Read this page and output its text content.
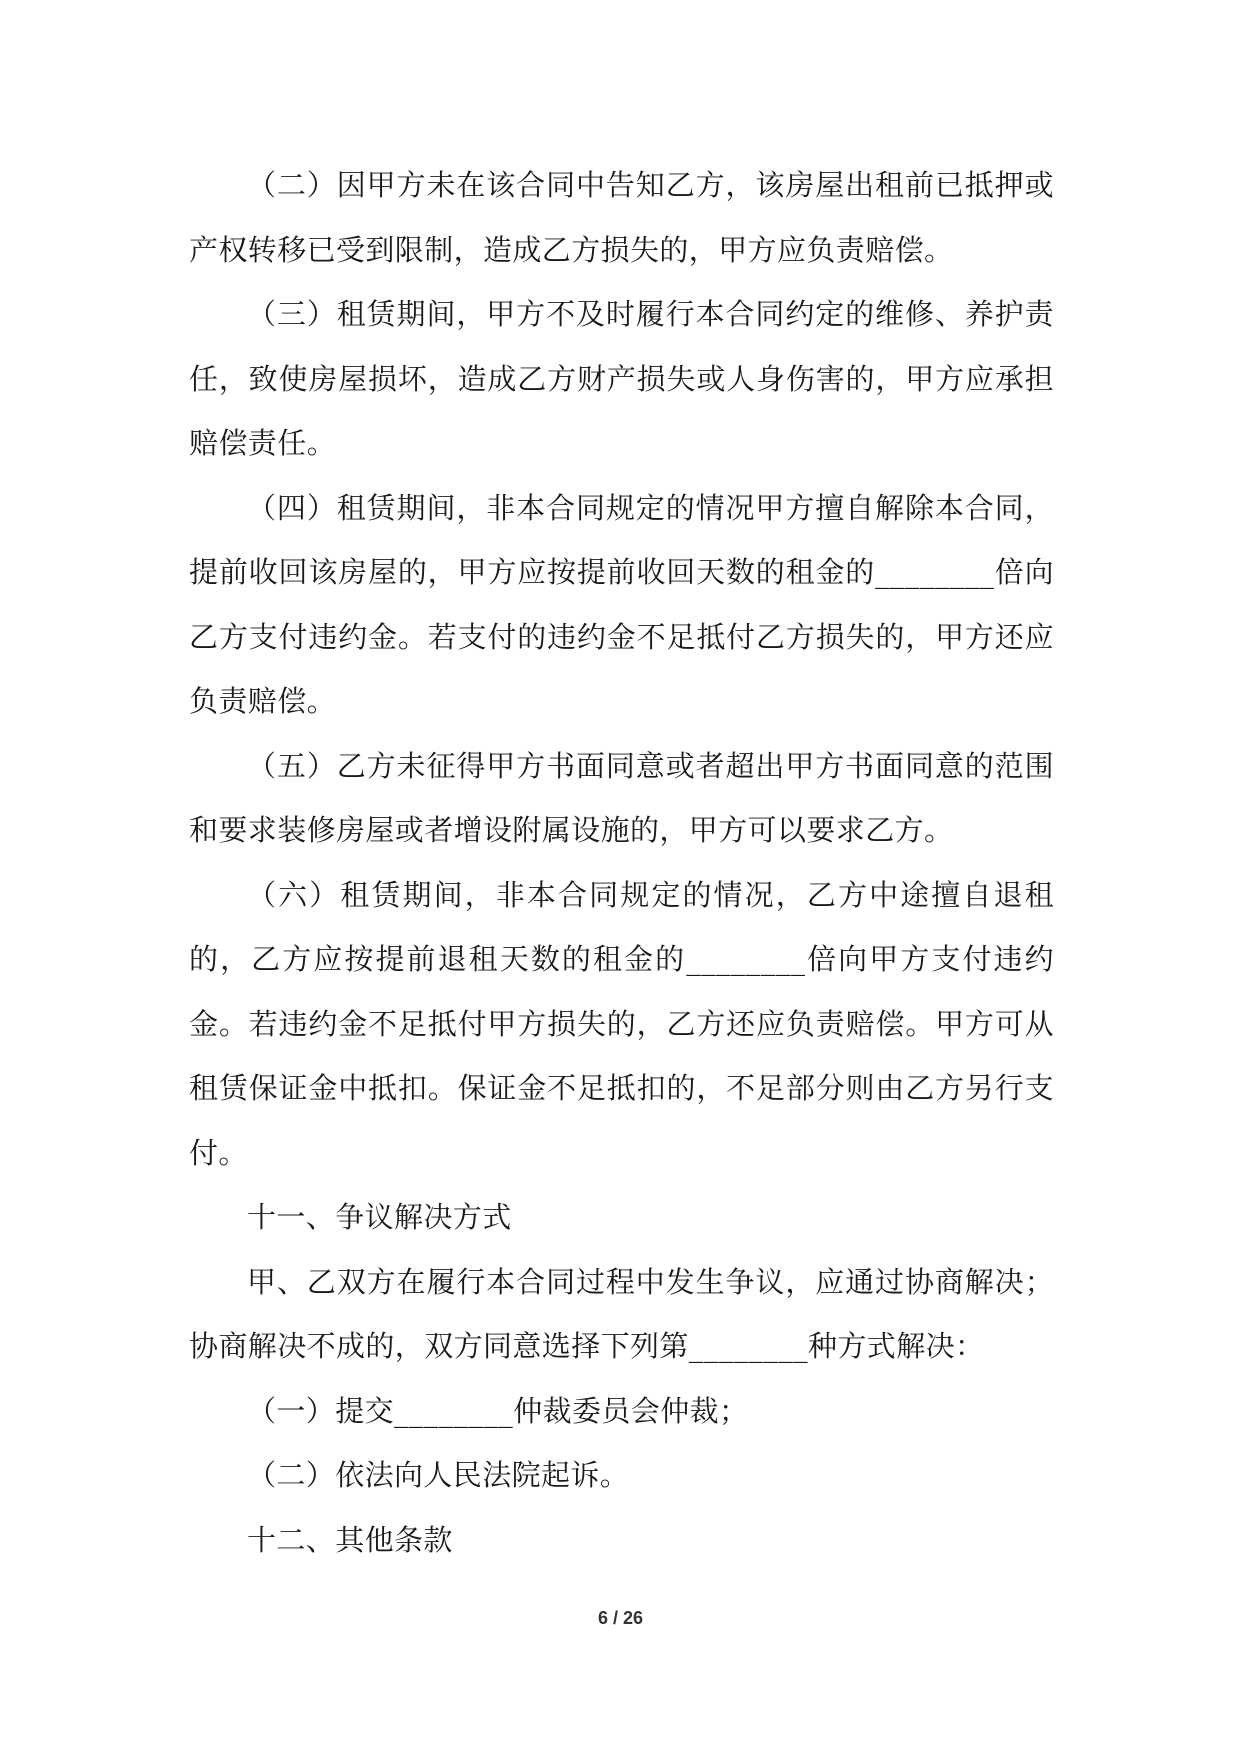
（二）因甲方未在该合同中告知乙方，该房屋出租前已抵押或产权转移已受到限制，造成乙方损失的，甲方应负责赔偿。

（三）租赁期间，甲方不及时履行本合同约定的维修、养护责任，致使房屋损坏，造成乙方财产损失或人身伤害的，甲方应承担赔偿责任。

（四）租赁期间，非本合同规定的情况甲方擅自解除本合同，提前收回该房屋的，甲方应按提前收回天数的租金的________倍向乙方支付违约金。若支付的违约金不足抵付乙方损失的，甲方还应负责赔偿。

（五）乙方未征得甲方书面同意或者超出甲方书面同意的范围和要求装修房屋或者增设附属设施的，甲方可以要求乙方。

（六）租赁期间，非本合同规定的情况，乙方中途擅自退租的，乙方应按提前退租天数的租金的________倍向甲方支付违约金。若违约金不足抵付甲方损失的，乙方还应负责赔偿。甲方可从租赁保证金中抵扣。保证金不足抵扣的，不足部分则由乙方另行支付。

十一、争议解决方式

甲、乙双方在履行本合同过程中发生争议，应通过协商解决；协商解决不成的，双方同意选择下列第________种方式解决：

（一）提交________仲裁委员会仲裁；

（二）依法向人民法院起诉。

十二、其他条款

6 / 26
